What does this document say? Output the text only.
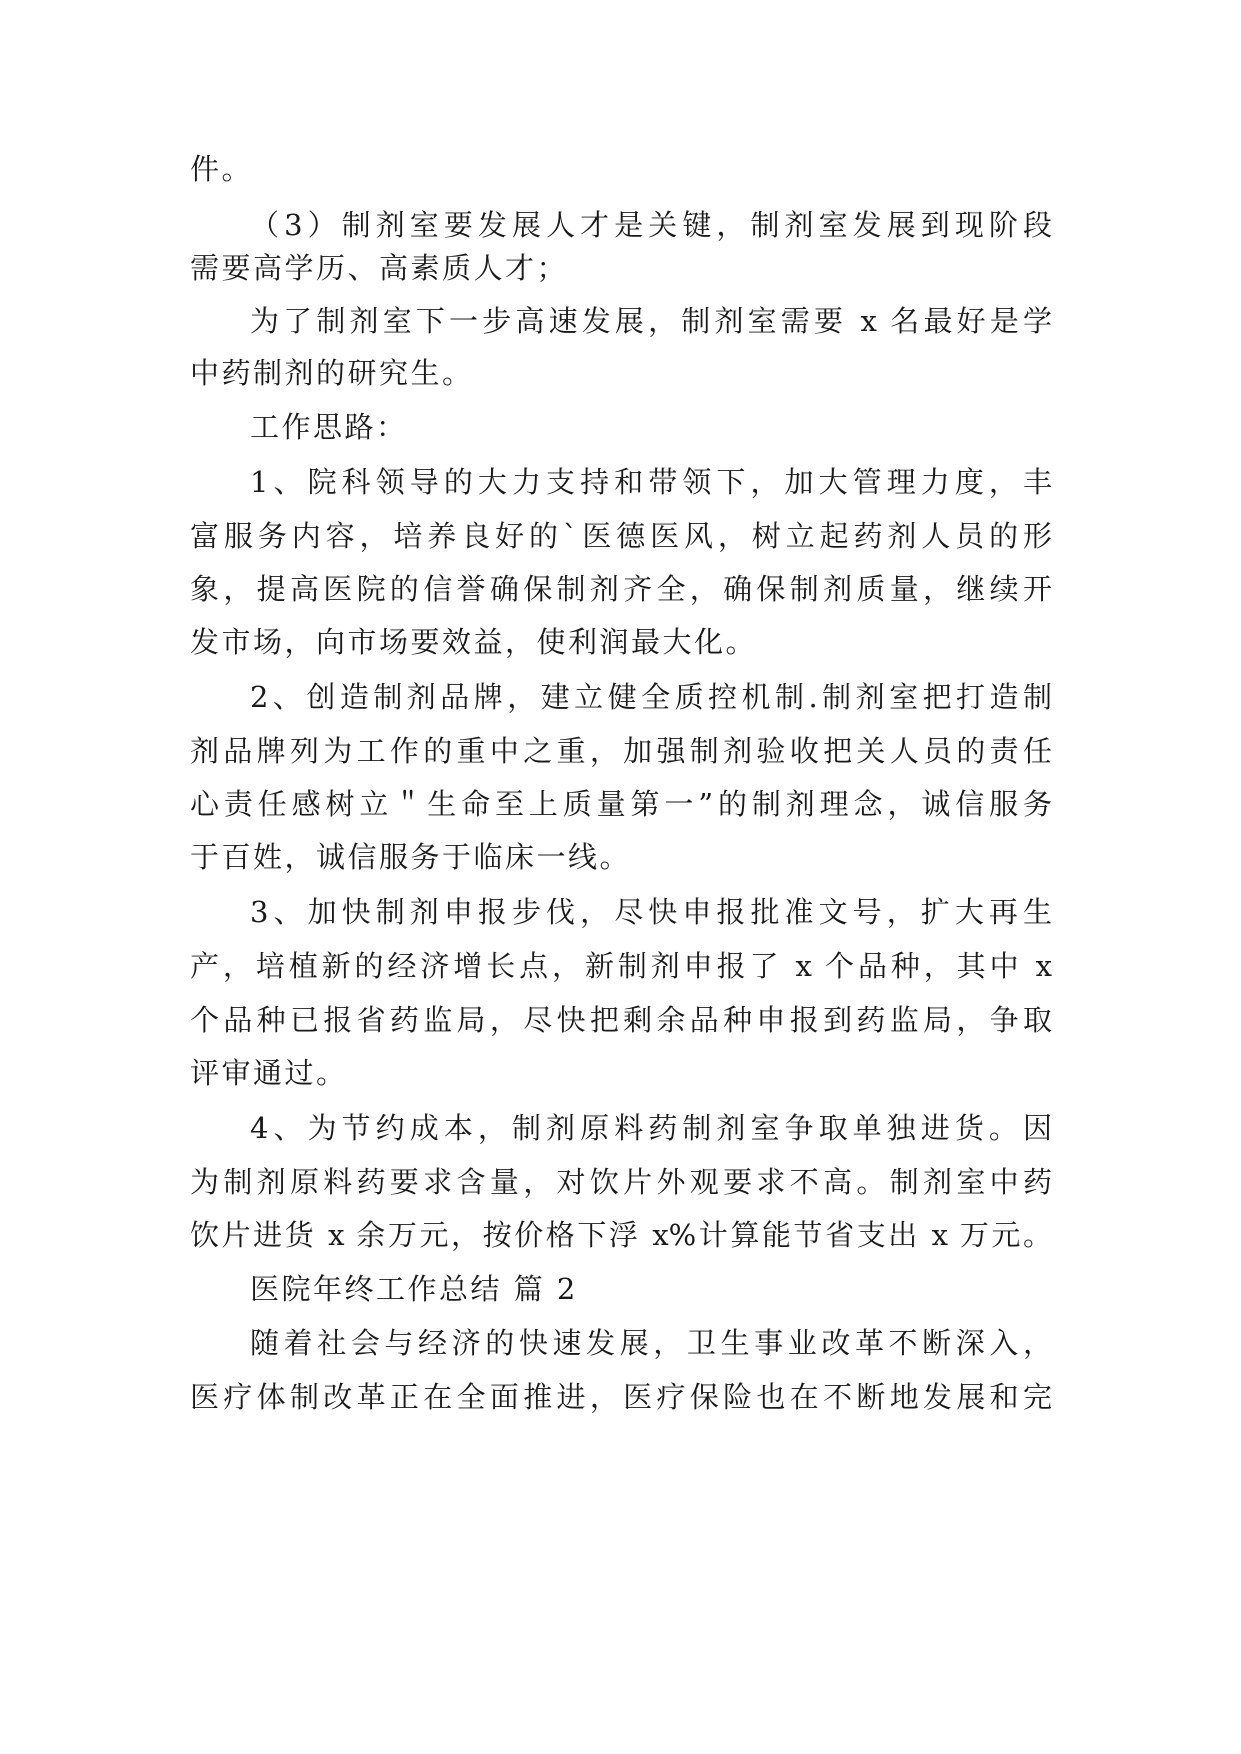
件。
（3）制剂室要发展人才是关键，制剂室发展到现阶段
需要高学历、高素质人才；
为了制剂室下一步高速发展，制剂室需要 x 名最好是学
中药制剂的研究生。
工作思路：
1、院科领导的大力支持和带领下，加大管理力度，丰
富服务内容，培养良好的`医德医风，树立起药剂人员的形
象，提高医院的信誉确保制剂齐全，确保制剂质量，继续开
发市场，向市场要效益，使利润最大化。
2、创造制剂品牌，建立健全质控机制.制剂室把打造制
剂品牌列为工作的重中之重，加强制剂验收把关人员的责任
心责任感树立＂生命至上质量第一”的制剂理念，诚信服务
于百姓，诚信服务于临床一线。
3、加快制剂申报步伐，尽快申报批准文号，扩大再生
产，培植新的经济增长点，新制剂申报了 x 个品种，其中 x
个品种已报省药监局，尽快把剩余品种申报到药监局，争取
评审通过。
4、为节约成本，制剂原料药制剂室争取单独进货。因
为制剂原料药要求含量，对饮片外观要求不高。制剂室中药
饮片进货 x 余万元，按价格下浮 x%计算能节省支出 x 万元。
医院年终工作总结 篇 2
随着社会与经济的快速发展，卫生事业改革不断深入，
医疗体制改革正在全面推进，医疗保险也在不断地发展和完
